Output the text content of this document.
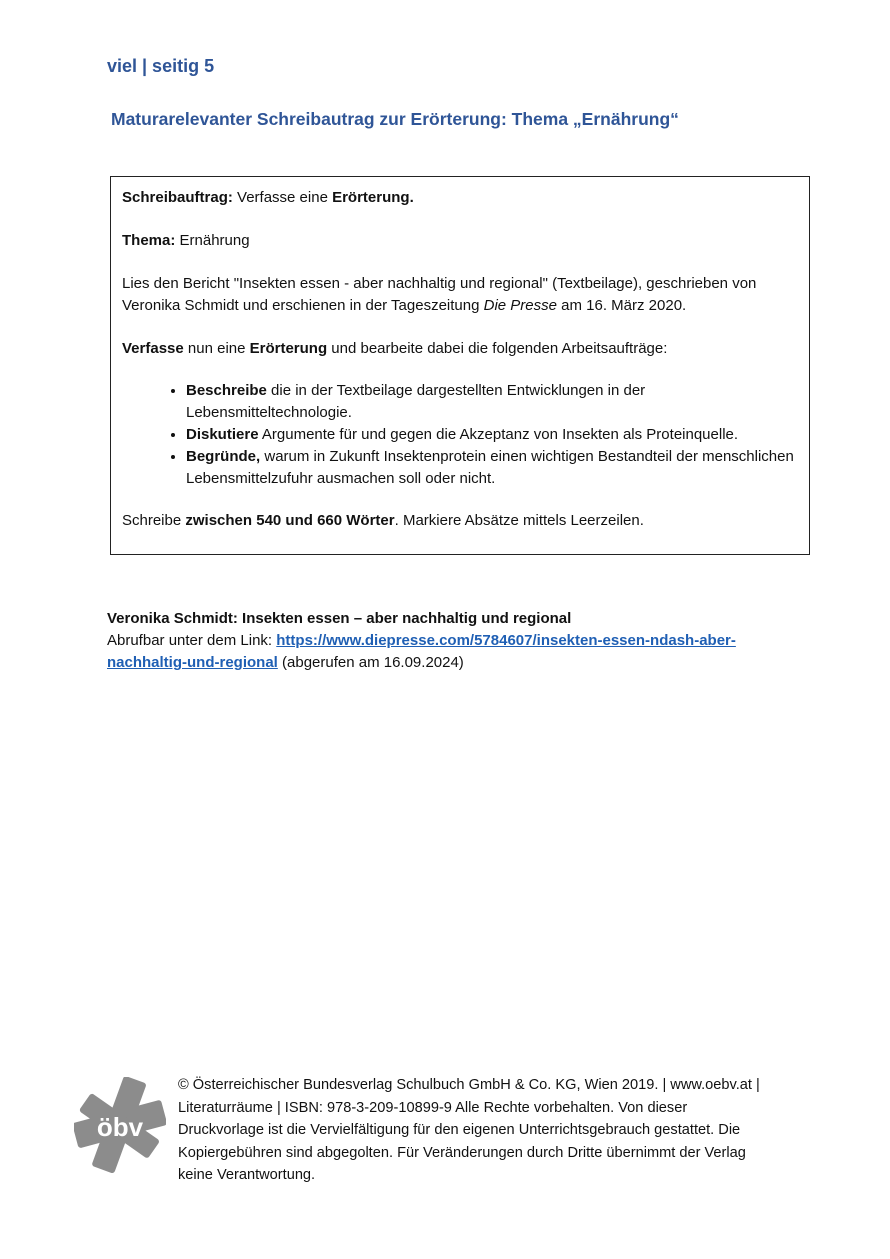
viel | seitig 5
Maturarelevanter Schreibautrag zur Erörterung: Thema „Ernährung“

Schreibauftrag: Verfasse eine Erörterung.

Thema: Ernährung

Lies den Bericht "Insekten essen - aber nachhaltig und regional" (Textbeilage), geschrieben von Veronika Schmidt und erschienen in der Tageszeitung Die Presse am 16. März 2020.

Verfasse nun eine Erörterung und bearbeite dabei die folgenden Arbeitsaufträge:

• Beschreibe die in der Textbeilage dargestellten Entwicklungen in der Lebensmitteltechnologie.
• Diskutiere Argumente für und gegen die Akzeptanz von Insekten als Proteinquelle.
• Begründe, warum in Zukunft Insektenprotein einen wichtigen Bestandteil der menschlichen Lebensmittelzufuhr ausmachen soll oder nicht.

Schreibe zwischen 540 und 660 Wörter. Markiere Absätze mittels Leerzeilen.

Veronika Schmidt: Insekten essen – aber nachhaltig und regional

Abrufbar unter dem Link: https://www.diepresse.com/5784607/insekten-essen-ndash-aber-nachhaltig-und-regional (abgerufen am 16.09.2024)

öbv
© Österreichischer Bundesverlag Schulbuch GmbH & Co. KG, Wien 2019. | www.oebv.at | Literaturräume | ISBN: 978-3-209-10899-9 Alle Rechte vorbehalten. Von dieser Druckvorlage ist die Vervielfältigung für den eigenen Unterrichtsgebrauch gestattet. Die Kopiergebühren sind abgegolten. Für Veränderungen durch Dritte übernimmt der Verlag keine Verantwortung.
